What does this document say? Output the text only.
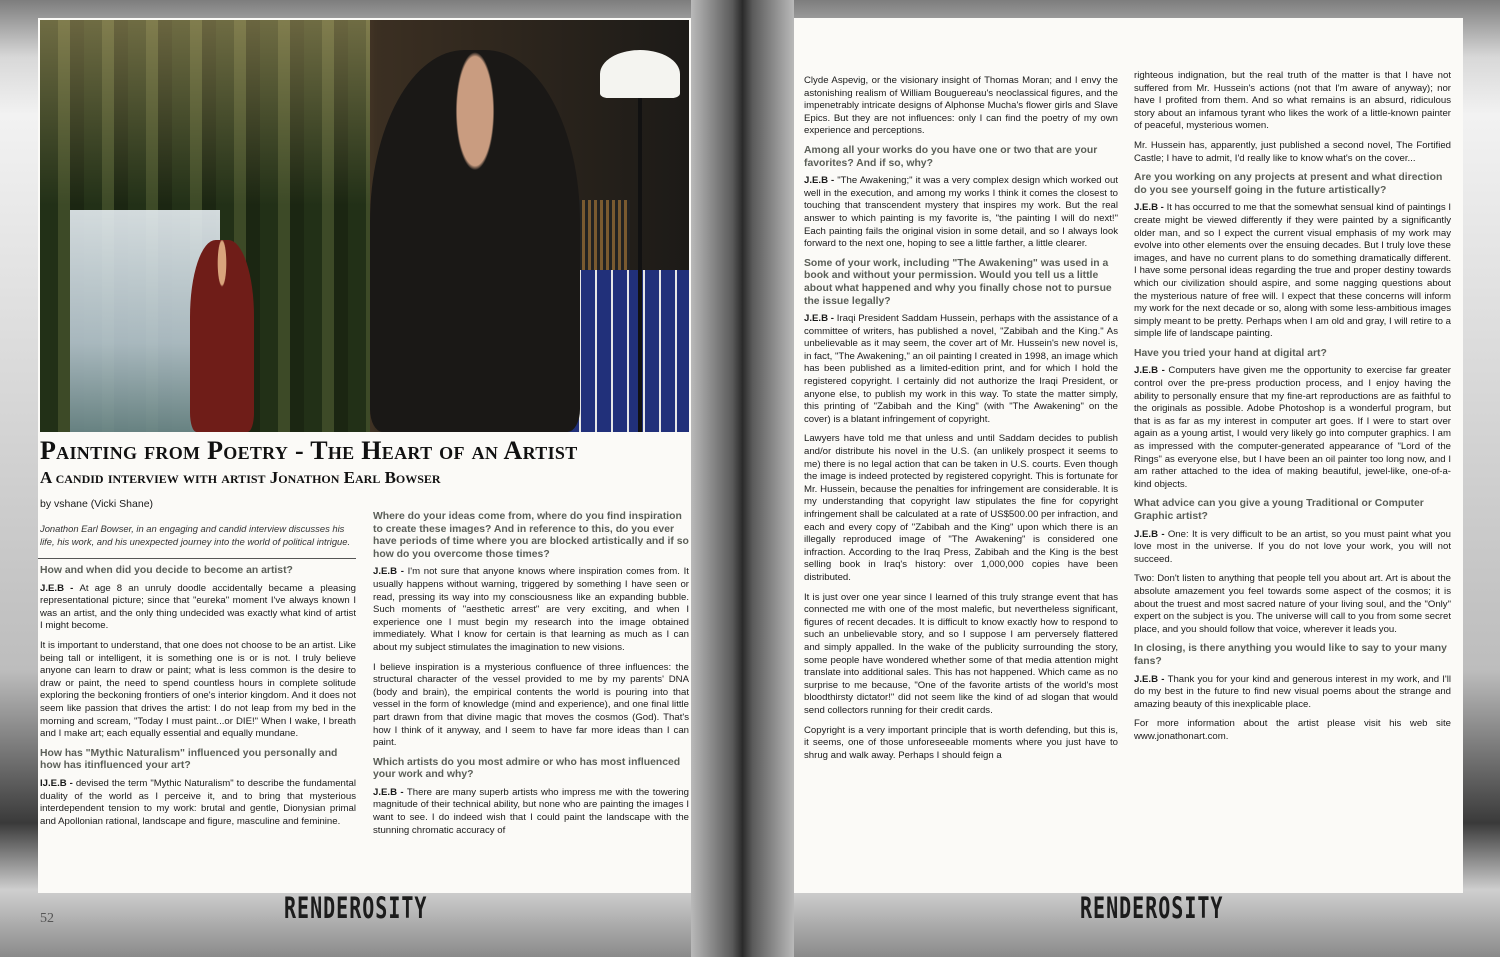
Painting from Poetry - The Heart of an Artist
A candid interview with artist Jonathon Earl Bowser
by vshane (Vicki Shane)
Jonathon Earl Bowser, in an engaging and candid interview discusses his life, his work, and his unexpected journey into the world of political intrigue.

How and when did you decide to become an artist?

J.E.B - At age 8 an unruly doodle accidentally became a pleasing representational picture; since that "eureka" moment I've always known I was an artist, and the only thing undecided was exactly what kind of artist I might become.

It is important to understand, that one does not choose to be an artist. Like being tall or intelligent, it is something one is or is not. I truly believe anyone can learn to draw or paint; what is less common is the desire to draw or paint, the need to spend countless hours in complete solitude exploring the beckoning frontiers of one's interior kingdom. And it does not seem like passion that drives the artist: I do not leap from my bed in the morning and scream, "Today I must paint...or DIE!" When I wake, I breath and I make art; each equally essential and equally mundane.

How has "Mythic Naturalism" influenced you personally and how has itinfluenced your art?

IJ.E.B - devised the term "Mythic Naturalism" to describe the fundamental duality of the world as I perceive it, and to bring that mysterious interdependent tension to my work: brutal and gentle, Dionysian primal and Apollonian rational, landscape and figure, masculine and feminine.

Where do your ideas come from, where do you find inspiration to create these images? And in reference to this, do you ever have periods of time where you are blocked artistically and if so how do you overcome those times?

J.E.B - I'm not sure that anyone knows where inspiration comes from. It usually happens without warning, triggered by something I have seen or read, pressing its way into my consciousness like an expanding bubble. Such moments of "aesthetic arrest" are very exciting, and when I experience one I must begin my research into the image obtained immediately. What I know for certain is that learning as much as I can about my subject stimulates the imagination to new visions.

I believe inspiration is a mysterious confluence of three influences: the structural character of the vessel provided to me by my parents' DNA (body and brain), the empirical contents the world is pouring into that vessel in the form of knowledge (mind and experience), and one final little part drawn from that divine magic that moves the cosmos (God). That's how I think of it anyway, and I seem to have far more ideas than I can paint.

Which artists do you most admire or who has most influenced your work and why?

J.E.B - There are many superb artists who impress me with the towering magnitude of their technical ability, but none who are painting the images I want to see. I do indeed wish that I could paint the landscape with the stunning chromatic accuracy of

Clyde Aspevig, or the visionary insight of Thomas Moran; and I envy the astonishing realism of William Bouguereau's neoclassical figures, and the impenetrably intricate designs of Alphonse Mucha's flower girls and Slave Epics. But they are not influences: only I can find the poetry of my own experience and perceptions.

Among all your works do you have one or two that are your favorites? And if so, why?

J.E.B - "The Awakening;" it was a very complex design which worked out well in the execution, and among my works I think it comes the closest to touching that transcendent mystery that inspires my work. But the real answer to which painting is my favorite is, "the painting I will do next!" Each painting fails the original vision in some detail, and so I always look forward to the next one, hoping to see a little farther, a little clearer.

Some of your work, including "The Awakening" was used in a book and without your permission. Would you tell us a little about what happened and why you finally chose not to pursue the issue legally?

J.E.B - Iraqi President Saddam Hussein, perhaps with the assistance of a committee of writers, has published a novel, "Zabibah and the King." As unbelievable as it may seem, the cover art of Mr. Hussein's new novel is, in fact, "The Awakening," an oil painting I created in 1998, an image which has been published as a limited-edition print, and for which I hold the registered copyright. I certainly did not authorize the Iraqi President, or anyone else, to publish my work in this way. To state the matter simply, this printing of "Zabibah and the King" (with "The Awakening" on the cover) is a blatant infringement of copyright.

Lawyers have told me that unless and until Saddam decides to publish and/or distribute his novel in the U.S. (an unlikely prospect it seems to me) there is no legal action that can be taken in U.S. courts. Even though the image is indeed protected by registered copyright. This is fortunate for Mr. Hussein, because the penalties for infringement are considerable. It is my understanding that copyright law stipulates the fine for copyright infringement shall be calculated at a rate of US$500.00 per infraction, and each and every copy of "Zabibah and the King" upon which there is an illegally reproduced image of "The Awakening" is considered one infraction. According to the Iraq Press, Zabibah and the King is the best selling book in Iraq's history: over 1,000,000 copies have been distributed.

It is just over one year since I learned of this truly strange event that has connected me with one of the most malefic, but nevertheless significant, figures of recent decades. It is difficult to know exactly how to respond to such an unbelievable story, and so I suppose I am perversely flattered and simply appalled. In the wake of the publicity surrounding the story, some people have wondered whether some of that media attention might translate into additional sales. This has not happened. Which came as no surprise to me because, "One of the favorite artists of the world's most bloodthirsty dictator!" did not seem like the kind of ad slogan that would send collectors running for their credit cards.

Copyright is a very important principle that is worth defending, but this is, it seems, one of those unforeseeable moments where you just have to shrug and walk away. Perhaps I should feign a

righteous indignation, but the real truth of the matter is that I have not suffered from Mr. Hussein's actions (not that I'm aware of anyway); nor have I profited from them. And so what remains is an absurd, ridiculous story about an infamous tyrant who likes the work of a little-known painter of peaceful, mysterious women.

Mr. Hussein has, apparently, just published a second novel, The Fortified Castle; I have to admit, I'd really like to know what's on the cover...

Are you working on any projects at present and what direction do you see yourself going in the future artistically?

J.E.B - It has occurred to me that the somewhat sensual kind of paintings I create might be viewed differently if they were painted by a significantly older man, and so I expect the current visual emphasis of my work may evolve into other elements over the ensuing decades. But I truly love these images, and have no current plans to do something dramatically different. I have some personal ideas regarding the true and proper destiny towards which our civilization should aspire, and some nagging questions about the mysterious nature of free will. I expect that these concerns will inform my work for the next decade or so, along with some less-ambitious images simply meant to be pretty. Perhaps when I am old and gray, I will retire to a simple life of landscape painting.

Have you tried your hand at digital art?

J.E.B - Computers have given me the opportunity to exercise far greater control over the pre-press production process, and I enjoy having the ability to personally ensure that my fine-art reproductions are as faithful to the originals as possible. Adobe Photoshop is a wonderful program, but that is as far as my interest in computer art goes. If I were to start over again as a young artist, I would very likely go into computer graphics. I am as impressed with the computer-generated appearance of "Lord of the Rings" as everyone else, but I have been an oil painter too long now, and I am rather attached to the idea of making beautiful, jewel-like, one-of-a-kind objects.

What advice can you give a young Traditional or Computer Graphic artist?

J.E.B - One: It is very difficult to be an artist, so you must paint what you love most in the universe. If you do not love your work, you will not succeed.

Two: Don't listen to anything that people tell you about art. Art is about the absolute amazement you feel towards some aspect of the cosmos; it is about the truest and most sacred nature of your living soul, and the "Only" expert on the subject is you. The universe will call to you from some secret place, and you should follow that voice, wherever it leads you.

In closing, is there anything you would like to say to your many fans?

J.E.B - Thank you for your kind and generous interest in my work, and I'll do my best in the future to find new visual poems about the strange and amazing beauty of this inexplicable place.

For more information about the artist please visit his web site www.jonathonart.com.

52	RENDEROSITY	RENDEROSITY
